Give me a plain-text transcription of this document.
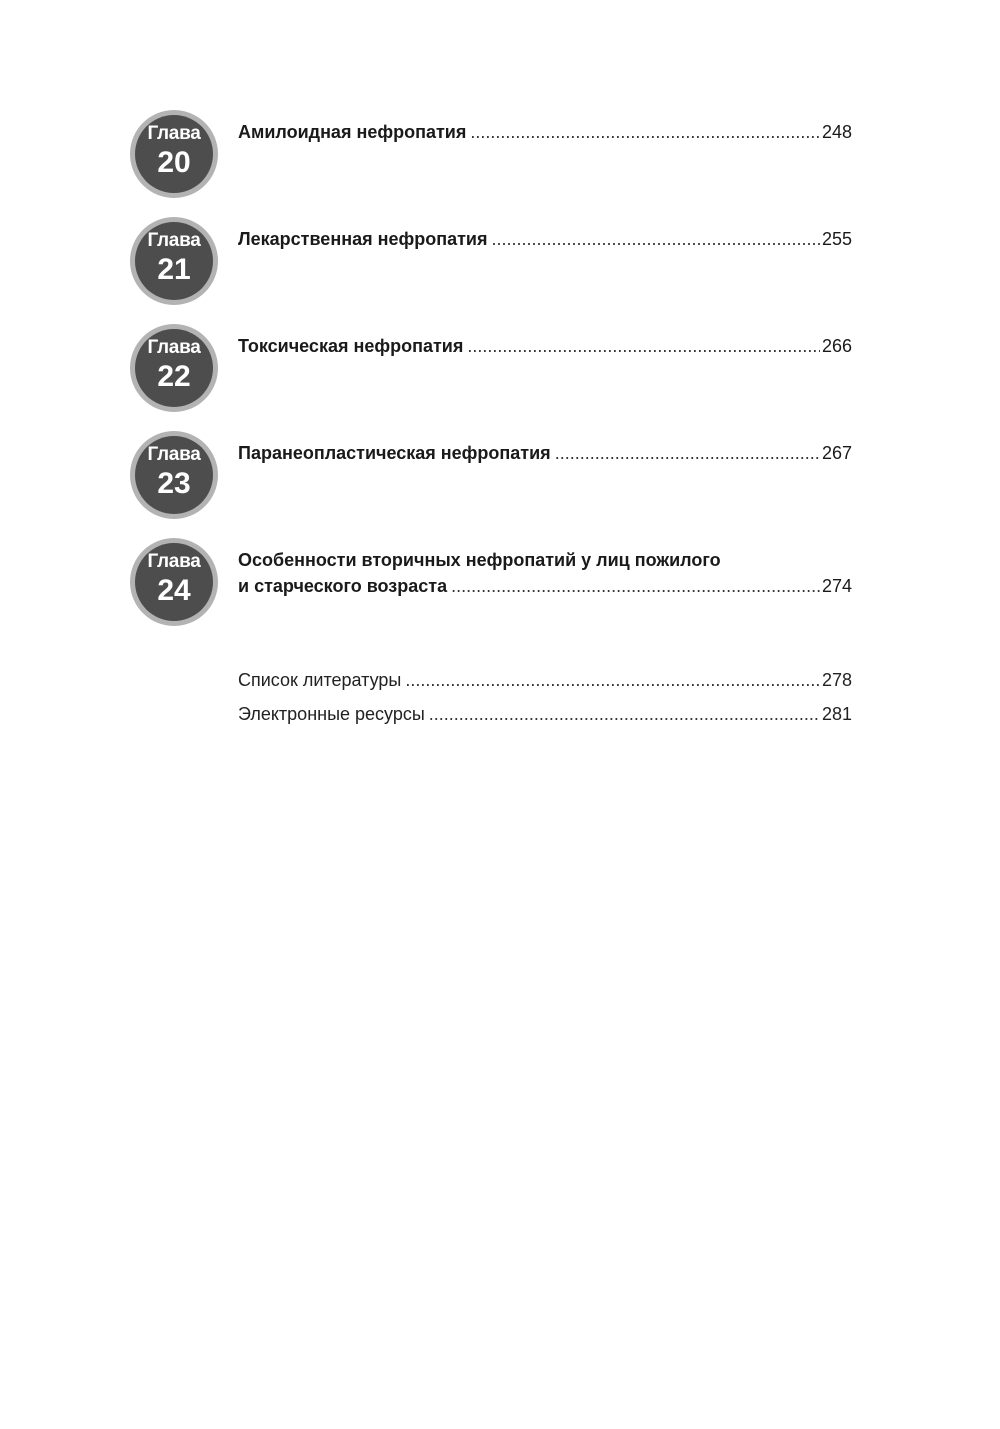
Глава
20
Амилоидная нефропатия .....	248
Глава
21
Лекарственная нефропатия .....	255
Глава
22
Токсическая нефропатия .....	266
Глава
23
Паранеопластическая нефропатия .....	267
Глава
24
Особенности вторичных нефропатий у лиц пожилого
и старческого возраста .....	274
Список литературы .....	278
Электронные ресурсы .....	281
